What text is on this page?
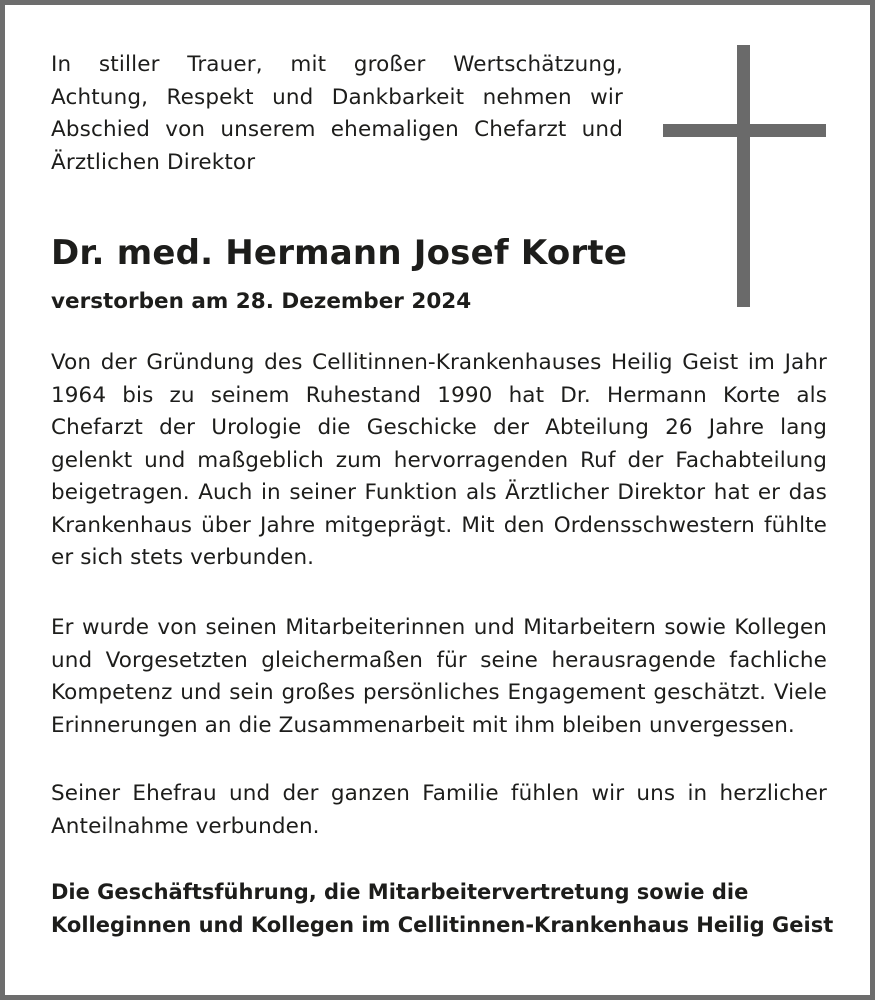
In stiller Trauer, mit großer Wertschätzung,
Achtung, Respekt und Dankbarkeit nehmen wir
Abschied von unserem ehemaligen Chefarzt und
Ärztlichen Direktor
Dr. med. Hermann Josef Korte
verstorben am 28. Dezember 2024
Von der Gründung des Cellitinnen-Krankenhauses Heilig Geist im Jahr
1964 bis zu seinem Ruhestand 1990 hat Dr. Hermann Korte als
Chefarzt der Urologie die Geschicke der Abteilung 26 Jahre lang
gelenkt und maßgeblich zum hervorragenden Ruf der Fachabteilung
beigetragen. Auch in seiner Funktion als Ärztlicher Direktor hat er das
Krankenhaus über Jahre mitgeprägt. Mit den Ordensschwestern fühlte
er sich stets verbunden.
Er wurde von seinen Mitarbeiterinnen und Mitarbeitern sowie Kollegen
und Vorgesetzten gleichermaßen für seine herausragende fachliche
Kompetenz und sein großes persönliches Engagement geschätzt. Viele
Erinnerungen an die Zusammenarbeit mit ihm bleiben unvergessen.
Seiner Ehefrau und der ganzen Familie fühlen wir uns in herzlicher
Anteilnahme verbunden.
Die Geschäftsführung, die Mitarbeitervertretung sowie die
Kolleginnen und Kollegen im Cellitinnen-Krankenhaus Heilig Geist
